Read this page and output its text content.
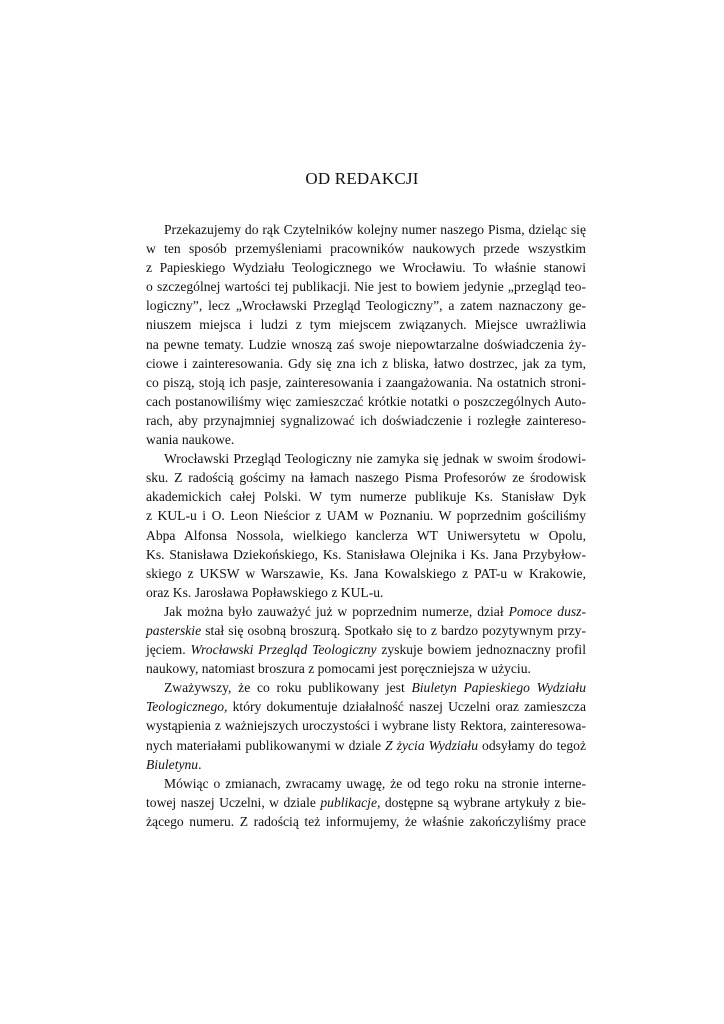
OD REDAKCJI
Przekazujemy do rąk Czytelników kolejny numer naszego Pisma, dzieląc się
w ten sposób przemyśleniami pracowników naukowych przede wszystkim
z Papieskiego Wydziału Teologicznego we Wrocławiu. To właśnie stanowi
o szczególnej wartości tej publikacji. Nie jest to bowiem jedynie „przegląd teo-
logiczny”, lecz „Wrocławski Przegląd Teologiczny”, a zatem naznaczony ge-
niuszem miejsca i ludzi z tym miejscem związanych. Miejsce uwrażliwia
na pewne tematy. Ludzie wnoszą zaś swoje niepowtarzalne doświadczenia ży-
ciowe i zainteresowania. Gdy się zna ich z bliska, łatwo dostrzec, jak za tym,
co piszą, stoją ich pasje, zainteresowania i zaangażowania. Na ostatnich stroni-
cach postanowiliśmy więc zamieszczać krótkie notatki o poszczególnych Auto-
rach, aby przynajmniej sygnalizować ich doświadczenie i rozległe zaintereso-
wania naukowe.
Wrocławski Przegląd Teologiczny nie zamyka się jednak w swoim środowi-
sku. Z radością gościmy na łamach naszego Pisma Profesorów ze środowisk
akademickich całej Polski. W tym numerze publikuje Ks. Stanisław Dyk
z KUL-u i O. Leon Nieścior z UAM w Poznaniu. W poprzednim gościliśmy
Abpa Alfonsa Nossola, wielkiego kanclerza WT Uniwersytetu w Opolu,
Ks. Stanisława Dziekońskiego, Ks. Stanisława Olejnika i Ks. Jana Przybyłow-
skiego z UKSW w Warszawie, Ks. Jana Kowalskiego z PAT-u w Krakowie,
oraz Ks. Jarosława Popławskiego z KUL-u.
Jak można było zauważyć już w poprzednim numerze, dział Pomoce dusz-
pasterskie stał się osobną broszurą. Spotkało się to z bardzo pozytywnym przy-
jęciem. Wrocławski Przegląd Teologiczny zyskuje bowiem jednoznaczny profil
naukowy, natomiast broszura z pomocami jest poręczniejsza w użyciu.
Zważywszy, że co roku publikowany jest Biuletyn Papieskiego Wydziału
Teologicznego, który dokumentuje działalność naszej Uczelni oraz zamieszcza
wystąpienia z ważniejszych uroczystości i wybrane listy Rektora, zainteresowa-
nych materiałami publikowanymi w dziale Z życia Wydziału odsyłamy do tegoż
Biuletynu.
Mówiąc o zmianach, zwracamy uwagę, że od tego roku na stronie interne-
towej naszej Uczelni, w dziale publikacje, dostępne są wybrane artykuły z bie-
żącego numeru. Z radością też informujemy, że właśnie zakończyliśmy prace
